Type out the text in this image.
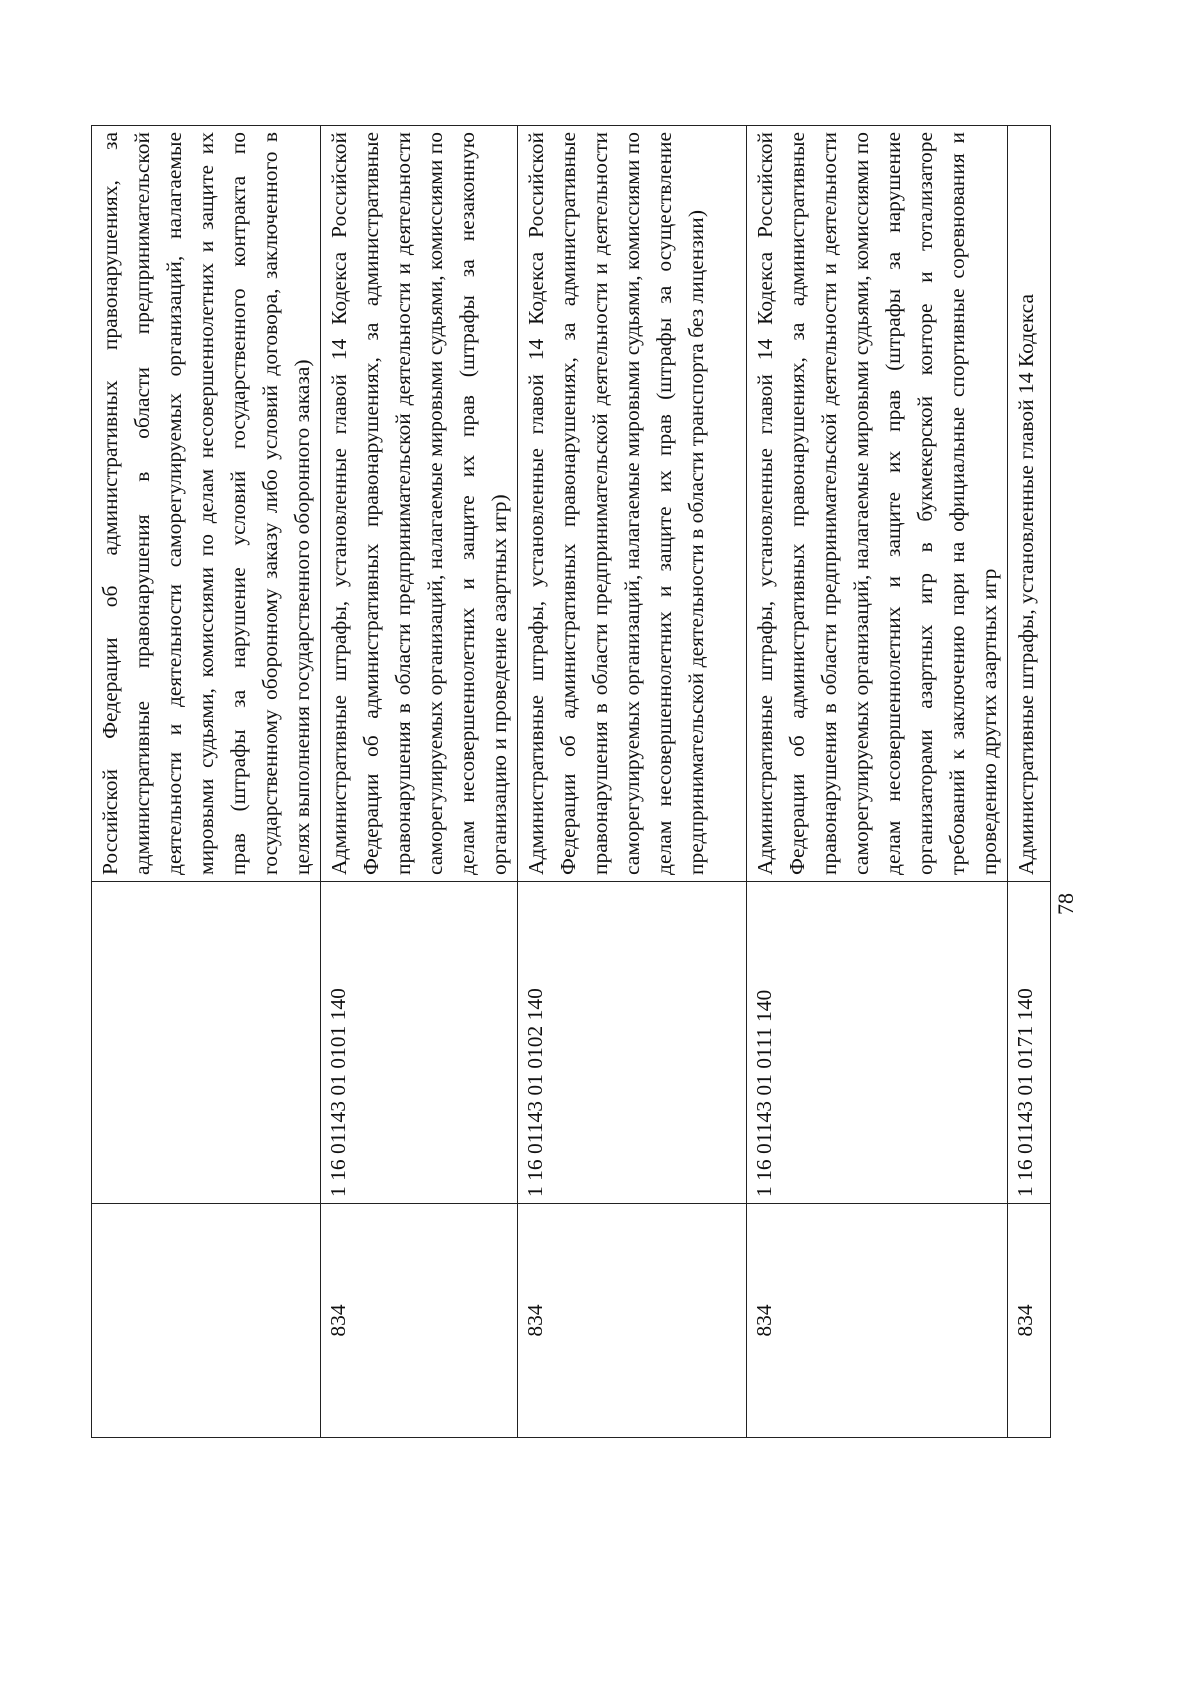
		Российской Федерации об административных правонарушениях, за административные правонарушения в области предпринимательской деятельности и деятельности саморегулируемых организаций, налагаемые мировыми судьями, комиссиями по делам несовершеннолетних и защите их прав (штрафы за нарушение условий государственного контракта по государственному оборонному заказу либо условий договора, заключенного в целях выполнения государственного оборонного заказа)
834	1 16 01143 01 0101 140	Административные штрафы, установленные главой 14 Кодекса Российской Федерации об административных правонарушениях, за административные правонарушения в области предпринимательской деятельности и деятельности саморегулируемых организаций, налагаемые мировыми судьями, комиссиями по делам несовершеннолетних и защите их прав (штрафы за незаконную организацию и проведение азартных игр)
834	1 16 01143 01 0102 140	Административные штрафы, установленные главой 14 Кодекса Российской Федерации об административных правонарушениях, за административные правонарушения в области предпринимательской деятельности и деятельности саморегулируемых организаций, налагаемые мировыми судьями, комиссиями по делам несовершеннолетних и защите их прав (штрафы за осуществление предпринимательской деятельности в области транспорта без лицензии)
834	1 16 01143 01 0111 140	Административные штрафы, установленные главой 14 Кодекса Российской Федерации об административных правонарушениях, за административные правонарушения в области предпринимательской деятельности и деятельности саморегулируемых организаций, налагаемые мировыми судьями, комиссиями по делам несовершеннолетних и защите их прав (штрафы за нарушение организаторами азартных игр в букмекерской конторе и тотализаторе требований к заключению пари на официальные спортивные соревнования и проведению других азартных игр
834	1 16 01143 01 0171 140	Административные штрафы, установленные главой 14 Кодекса
78
